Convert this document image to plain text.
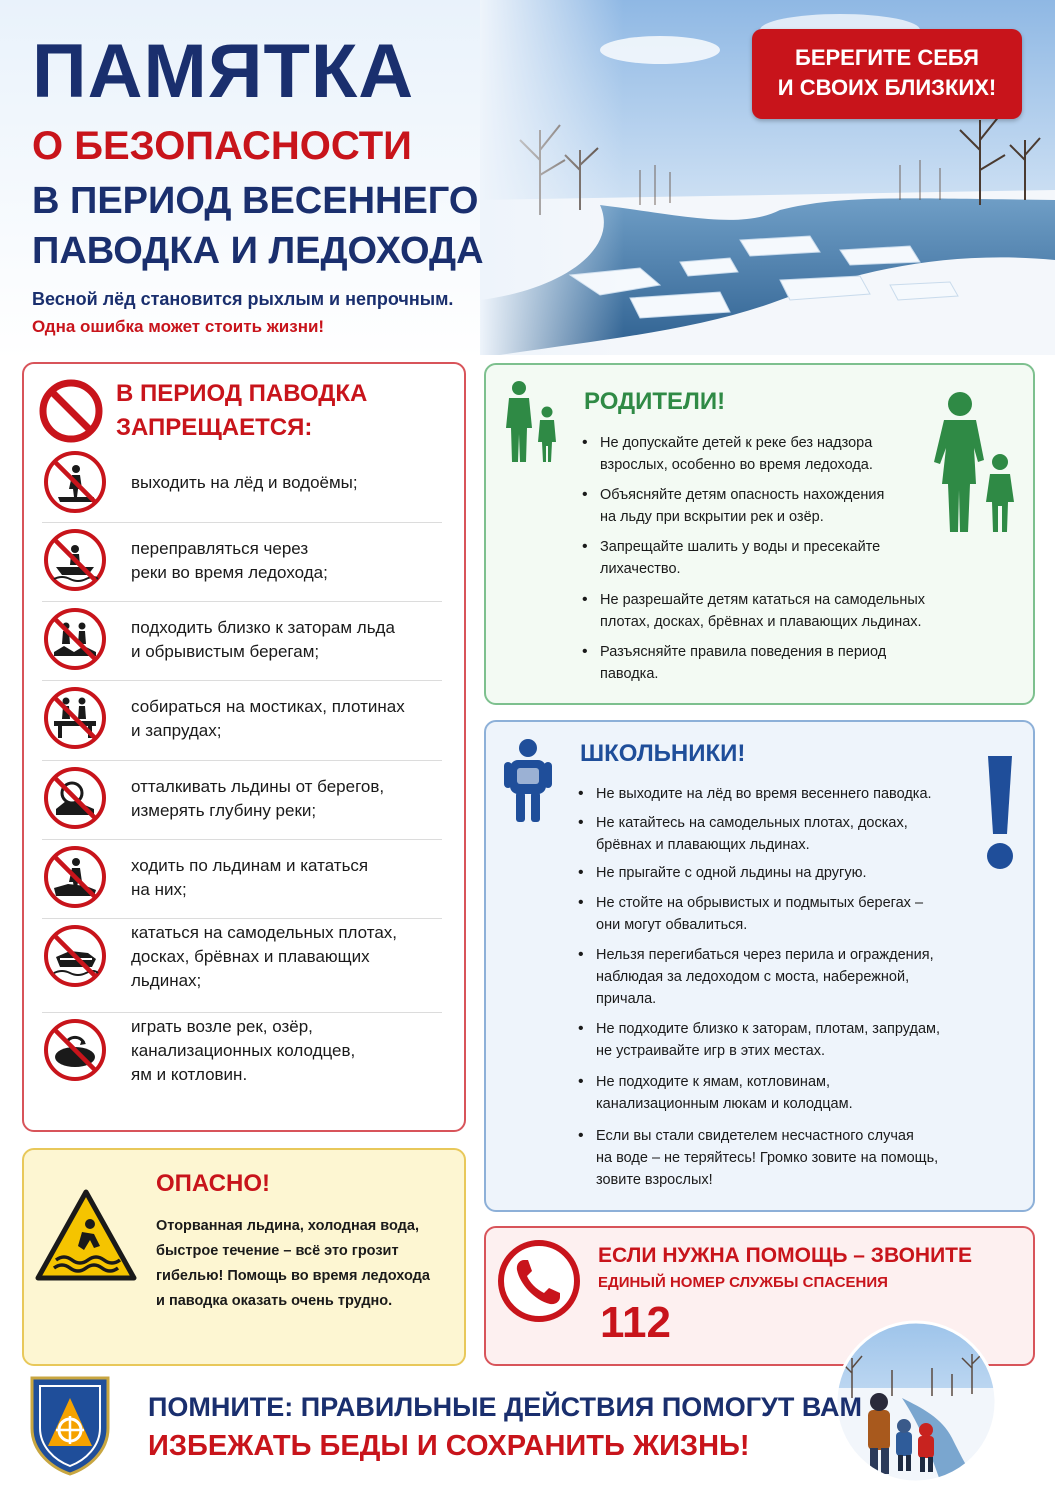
ПАМЯТКА
О БЕЗОПАСНОСТИ
В ПЕРИОД ВЕСЕННЕГО
ПАВОДКА И ЛЕДОХОДА
Весной лёд становится рыхлым и непрочным.
Одна ошибка может стоить жизни!
БЕРЕГИТЕ СЕБЯ
И СВОИХ БЛИЗКИХ!
В ПЕРИОД ПАВОДКА
ЗАПРЕЩАЕТСЯ:
выходить на лёд и водоёмы;
переправляться через
реки во время ледохода;
подходить близко к заторам льда
и обрывистым берегам;
собираться на мостиках, плотинах
и запрудах;
отталкивать льдины от берегов,
измерять глубину реки;
ходить по льдинам и кататься
на них;
кататься на самодельных плотах,
досках, брёвнах и плавающих
льдинах;
играть возле рек, озёр,
канализационных колодцев,
ям и котловин.
РОДИТЕЛИ!
• Не допускайте детей к реке без надзора
взрослых, особенно во время ледохода.
• Объясняйте детям опасность нахождения
на льду при вскрытии рек и озёр.
• Запрещайте шалить у воды и пресекайте
лихачество.
• Не разрешайте детям кататься на самодельных
плотах, досках, брёвнах и плавающих льдинах.
• Разъясняйте правила поведения в период
паводка.
ШКОЛЬНИКИ!
• Не выходите на лёд во время весеннего паводка.
• Не катайтесь на самодельных плотах, досках,
брёвнах и плавающих льдинах.
• Не прыгайте с одной льдины на другую.
• Не стойте на обрывистых и подмытых берегах –
они могут обвалиться.
• Нельзя перегибаться через перила и ограждения,
наблюдая за ледоходом с моста, набережной,
причала.
• Не подходите близко к заторам, плотам, запрудам,
не устраивайте игр в этих местах.
• Не подходите к ямам, котловинам,
канализационным люкам и колодцам.
• Если вы стали свидетелем несчастного случая
на воде – не теряйтесь! Громко зовите на помощь,
зовите взрослых!
ОПАСНО!
Оторванная льдина, холодная вода,
быстрое течение – всё это грозит
гибелью! Помощь во время ледохода
и паводка оказать очень трудно.
ЕСЛИ НУЖНА ПОМОЩЬ – ЗВОНИТЕ
ЕДИНЫЙ НОМЕР СЛУЖБЫ СПАСЕНИЯ
112
ПОМНИТЕ: ПРАВИЛЬНЫЕ ДЕЙСТВИЯ ПОМОГУТ ВАМ
ИЗБЕЖАТЬ БЕДЫ И СОХРАНИТЬ ЖИЗНЬ!
